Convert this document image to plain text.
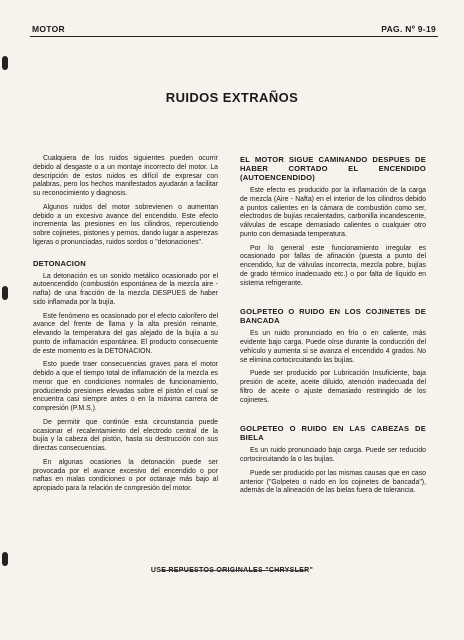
MOTOR	PAG. Nº 9-19
RUIDOS EXTRAÑOS

Cualquiera de los ruidos siguientes pueden ocurrir debido al desgaste o a un montaje incorrecto del motor. La descripción de estos ruidos es difícil de expresar con palabras, pero los hechos manifestados ayudarán a facilitar su reconocimiento y diagnosis.

Algunos ruidos del motor sobrevienen o aumentan debido a un excesivo avance del encendido. Este efecto incrementa las presiones en los cilindros, repercutiendo sobre cojinetes, pistones y pernos, dando lugar a asperezas ligeras o pronunciadas, ruidos sordos o "detonaciones".

DETONACION

La detonación es un sonido metálico ocasionado por el autoencendido (combustión espontánea de la mezcla aire - nafta) de una fracción de la mezcla DESPUES de haber sido inflamada por la bujía.

Este fenómeno es ocasionado por el efecto calorífero del avance del frente de llama y la alta presión reinante, elevando la temperatura del gas alejado de la bujía a su punto de inflamación espontánea. El producto consecuente de este momento es la DETONACION.

Esto puede traer consecuencias graves para el motor debido a que el tiempo total de inflamación de la mezcla es menor que en condiciones normales de funcionamiento, produciendo presiones elevadas sobre el pistón el cual se encuentra casi siempre antes o en la máxima carrera de compresión (P.M.S.).

De permitir que continúe esta circunstancia puede ocasionar el recalentamiento del electrodo central de la bujía y la cabeza del pistón, hasta su destrucción con sus directas consecuencias.

En algunas ocasiones la detonación puede ser provocada por el avance excesivo del encendido o por naftas en malas condiciones o por octanaje más bajo al apropiado para la relación de compresión del motor.

EL MOTOR SIGUE CAMINANDO DESPUES DE HABER CORTADO EL ENCENDIDO (AUTOENCENDIDO)

Este efecto es producido por la inflamación de la carga de mezcla (Aire - Nafta) en el interior de los cilindros debido a puntos calientes en la cámara de combustión como ser, electrodos de bujías recalentados, carbonilla incandescente, válvulas de escape demasiado calientes o cualquier otro punto con demasiada temperatura.

Por lo general este funcionamiento irregular es ocasionado por fallas de afinación (puesta a punto del encendido, luz de válvulas incorrecta, mezcla pobre, bujías de grado térmico inadecuado etc.) o por falta de líquido en sistema refrigerante.

GOLPETEO O RUIDO EN LOS COJINETES DE BANCADA

Es un ruido pronunciado en frío o en caliente, más evidente bajo carga. Puede oírse durante la conducción del vehículo y aumenta si se avanza el encendido 4 grados. No se elimina cortocircuitando las bujías.

Puede ser producido por Lubricación Insuficiente, baja presión de aceite, aceite diluido, atención inadecuada del filtro de aceite o ajuste demasiado restringido de los cojinetes.

GOLPETEO O RUIDO EN LAS CABEZAS DE BIELA

Es un ruido pronunciado bajo carga. Puede ser reducido cortocircuitando la o las bujías.

Puede ser producido por las mismas causas que en caso anterior ("Golpeteo o ruido en los cojinetes de bancada"), además de la alineación de las bielas fuera de tolerancia.

USE REPUESTOS ORIGINALES "CHRYSLER"
